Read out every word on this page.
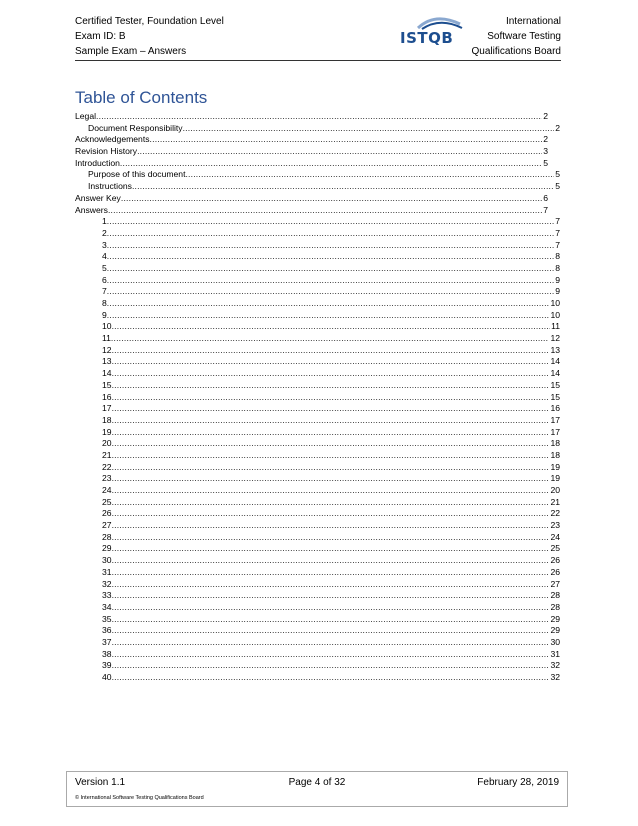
Certified Tester, Foundation Level
Exam ID: B
Sample Exam – Answers
ISTQB
International
Software Testing
Qualifications Board
Table of Contents
Legal .....	2
Document Responsibility .....	2
Acknowledgements .....	2
Revision History .....	3
Introduction .....	5
Purpose of this document .....	5
Instructions .....	5
Answer Key .....	6
Answers .....	7
1 .....	7
2 .....	7
3 .....	7
4 .....	8
5 .....	8
6 .....	9
7 .....	9
8 .....	10
9 .....	10
10 .....	11
11 .....	12
12 .....	13
13 .....	14
14 .....	14
15 .....	15
16 .....	15
17 .....	16
18 .....	17
19 .....	17
20 .....	18
21 .....	18
22 .....	19
23 .....	19
24 .....	20
25 .....	21
26 .....	22
27 .....	23
28 .....	24
29 .....	25
30 .....	26
31 .....	26
32 .....	27
33 .....	28
34 .....	28
35 .....	29
36 .....	29
37 .....	30
38 .....	31
39 .....	32
40 .....	32
Page 4 of 32
Version 1.1	February 28, 2019
© International Software Testing Qualifications Board
